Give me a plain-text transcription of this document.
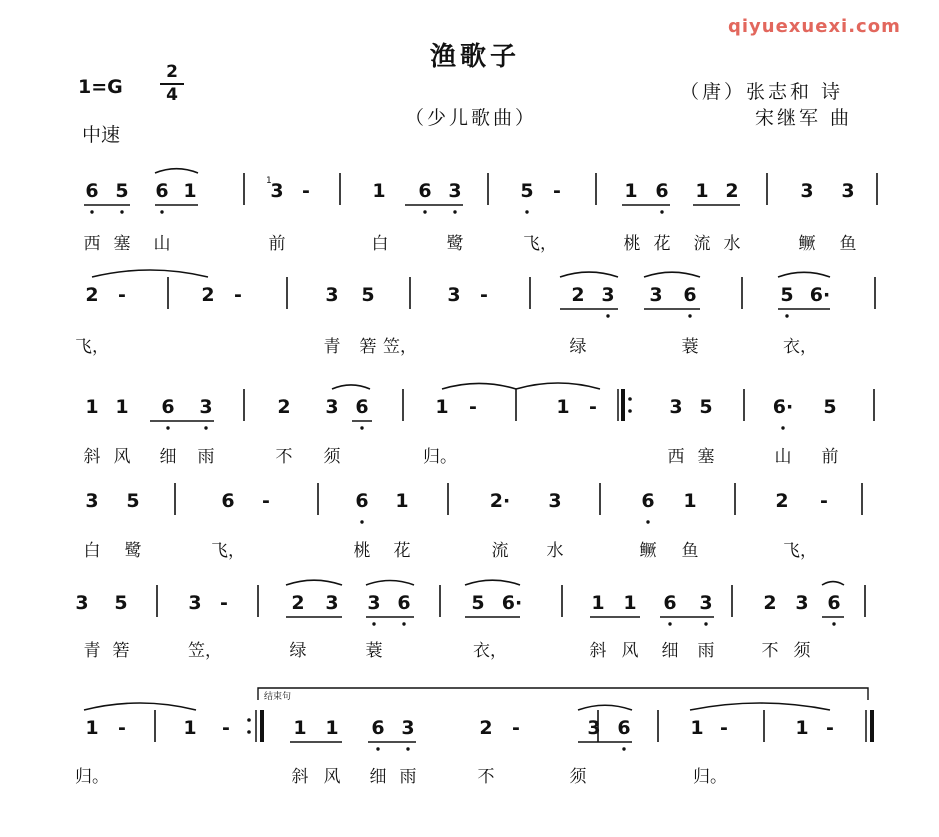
qiyuexuexi.com
渔歌子
（少儿歌曲）
1=G
2
4
中速
（唐）张志和 诗
宋继军 曲
6 5 6 1	3 -	1 6 3	5 -	1 6 1 2	3 3
西 塞 山	前	白	鹭	飞，	桃 花 流 水	鳜 鱼
2 -	2 -	3 5	3 -	2 3 3 6	5 6·
飞，	青 箬 笠，	绿	蓑	衣，
1 1 6 3	2 3 6	1 -	1 -	3 5	6· 5
斜 风 细 雨	不 须	归。	西 塞	山 前
3 5	6 -	6 1	2· 3	6 1	2 -
白 鹭	飞，	桃 花	流 水	鳜 鱼	飞，
3 5	3 -	2 3 3 6	5 6·	1 1 6 3	2 3 6
青 箬	笠，	绿	蓑	衣，	斜 风 细 雨	不 须
1 -	1 -	1 1 6 3	2 -	3 6	1 -	1 -
归。	斜 风 细 雨	不	须	归。
1
结束句
